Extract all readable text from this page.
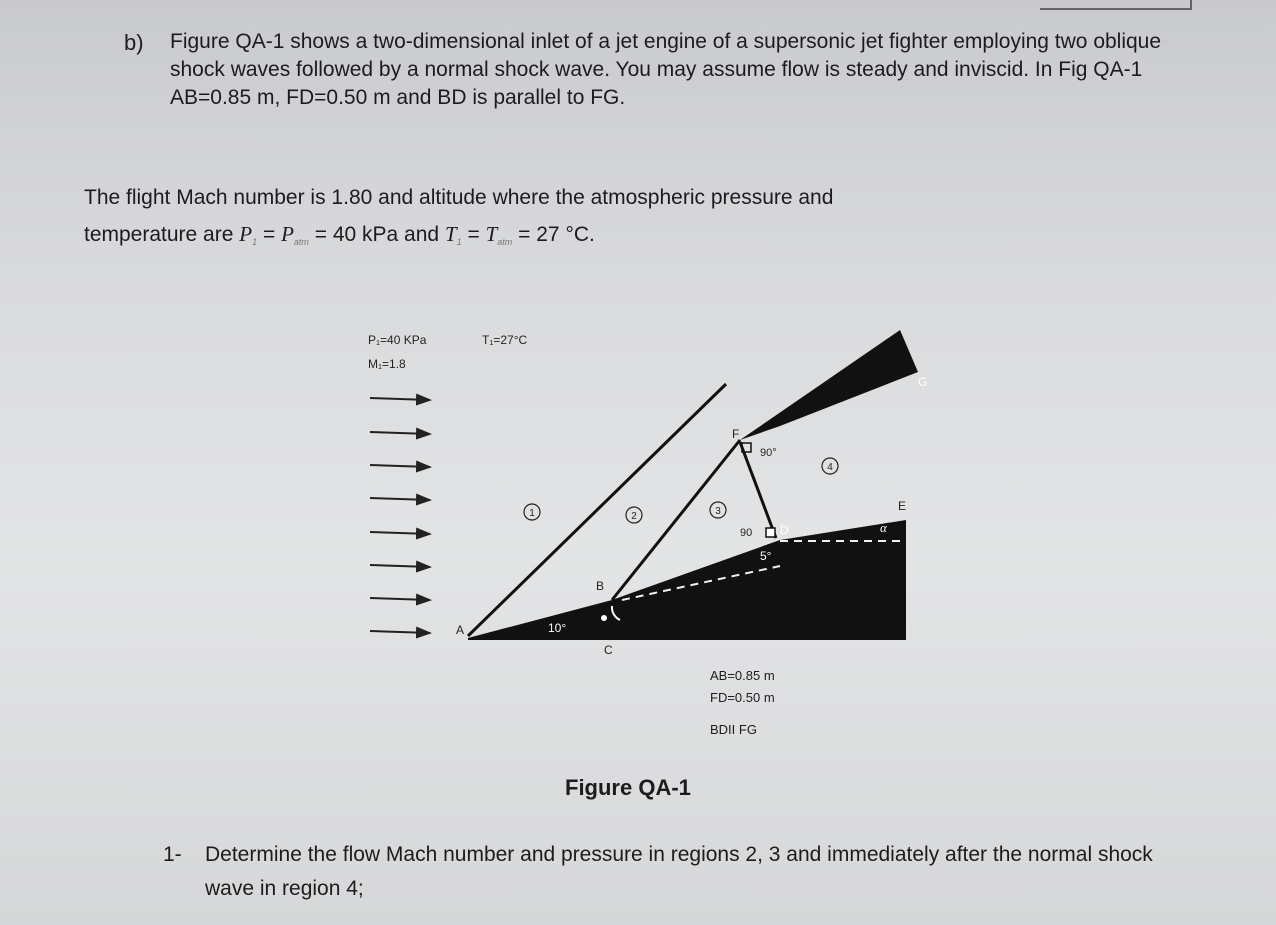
b) Figure QA-1 shows a two-dimensional inlet of a jet engine of a supersonic jet fighter employing two oblique shock waves followed by a normal shock wave. You may assume flow is steady and inviscid. In Fig QA-1 AB=0.85 m, FD=0.50 m and BD is parallel to FG.
The flight Mach number is 1.80 and altitude where the atmospheric pressure and
temperature are $P_1 = P_{atm} = 40$ kPa and $T_1 = T_{atm} = 27$ °C.
P₁=40 KPa	T₁=27°C
M₁=1.8
A
B
C
D
E
F
G
1	2	3
4
10°
5°
90°
90	α
AB=0.85 m
FD=0.50 m
BDII FG
Figure QA-1
1- Determine the flow Mach number and pressure in regions 2, 3 and immediately after the normal shock wave in region 4;
